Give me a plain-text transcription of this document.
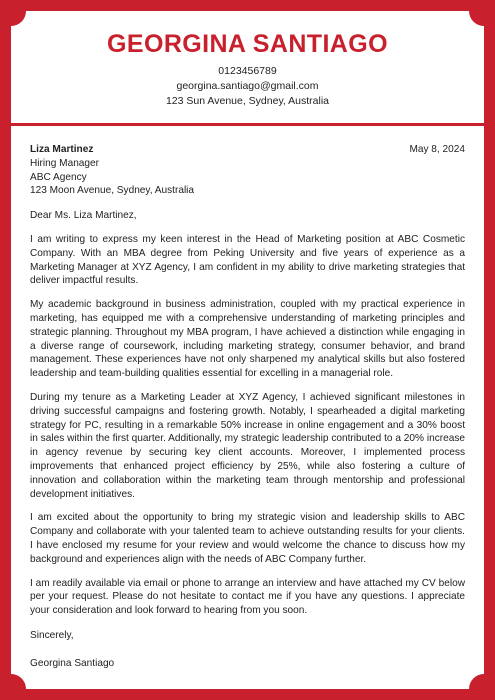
GEORGINA SANTIAGO
0123456789
georgina.santiago@gmail.com
123 Sun Avenue, Sydney, Australia
Liza Martinez
Hiring Manager
ABC Agency
123 Moon Avenue, Sydney, Australia
May 8, 2024
Dear Ms. Liza Martinez,

I am writing to express my keen interest in the Head of Marketing position at ABC Cosmetic Company. With an MBA degree from Peking University and five years of experience as a Marketing Manager at XYZ Agency, I am confident in my ability to drive marketing strategies that deliver impactful results.

My academic background in business administration, coupled with my practical experience in marketing, has equipped me with a comprehensive understanding of marketing principles and strategic planning. Throughout my MBA program, I have achieved a distinction while engaging in a diverse range of coursework, including marketing strategy, consumer behavior, and brand management. These experiences have not only sharpened my analytical skills but also fostered leadership and team-building qualities essential for excelling in a managerial role.

During my tenure as a Marketing Leader at XYZ Agency, I achieved significant milestones in driving successful campaigns and fostering growth. Notably, I spearheaded a digital marketing strategy for PC, resulting in a remarkable 50% increase in online engagement and a 30% boost in sales within the first quarter. Additionally, my strategic leadership contributed to a 20% increase in agency revenue by securing key client accounts. Moreover, I implemented process improvements that enhanced project efficiency by 25%, while also fostering a culture of innovation and collaboration within the marketing team through mentorship and professional development initiatives.

I am excited about the opportunity to bring my strategic vision and leadership skills to ABC Company and collaborate with your talented team to achieve outstanding results for your clients. I have enclosed my resume for your review and would welcome the chance to discuss how my background and experiences align with the needs of ABC Company further.

I am readily available via email or phone to arrange an interview and have attached my CV below per your request. Please do not hesitate to contact me if you have any questions. I appreciate your consideration and look forward to hearing from you soon.

Sincerely,
Georgina Santiago
